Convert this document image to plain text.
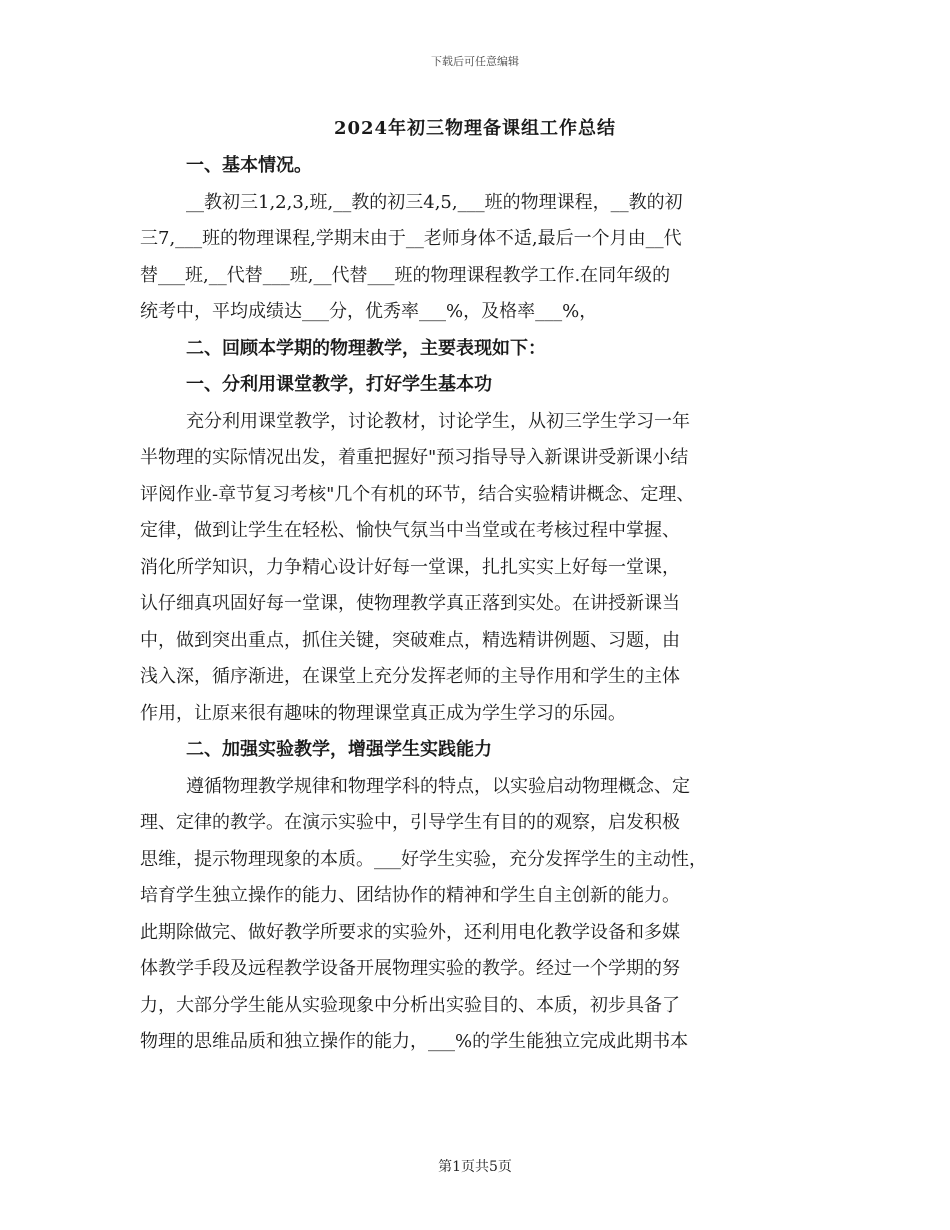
下载后可任意编辑
2024年初三物理备课组工作总结
一、基本情况。
__教初三1,2,3,班,__教的初三4,5,___班的物理课程，__教的初
三7,___班的物理课程,学期末由于__老师身体不适,最后一个月由__代
替___班,__代替___班,__代替___班的物理课程教学工作.在同年级的
统考中，平均成绩达___分，优秀率___%，及格率___%，
二、回顾本学期的物理教学，主要表现如下：
一、分利用课堂教学，打好学生基本功
充分利用课堂教学，讨论教材，讨论学生，从初三学生学习一年
半物理的实际情况出发，着重把握好"预习指导导入新课讲受新课小结
评阅作业-章节复习考核"几个有机的环节，结合实验精讲概念、定理、
定律，做到让学生在轻松、愉快气氛当中当堂或在考核过程中掌握、
消化所学知识，力争精心设计好每一堂课，扎扎实实上好每一堂课，
认仔细真巩固好每一堂课，使物理教学真正落到实处。在讲授新课当
中，做到突出重点，抓住关键，突破难点，精选精讲例题、习题，由
浅入深，循序渐进，在课堂上充分发挥老师的主导作用和学生的主体
作用，让原来很有趣味的物理课堂真正成为学生学习的乐园。
二、加强实验教学，增强学生实践能力
遵循物理教学规律和物理学科的特点，以实验启动物理概念、定
理、定律的教学。在演示实验中，引导学生有目的的观察，启发积极
思维，提示物理现象的本质。___好学生实验，充分发挥学生的主动性，
培育学生独立操作的能力、团结协作的精神和学生自主创新的能力。
此期除做完、做好教学所要求的实验外，还利用电化教学设备和多媒
体教学手段及远程教学设备开展物理实验的教学。经过一个学期的努
力，大部分学生能从实验现象中分析出实验目的、本质，初步具备了
物理的思维品质和独立操作的能力，___%的学生能独立完成此期书本
第1页共5页
